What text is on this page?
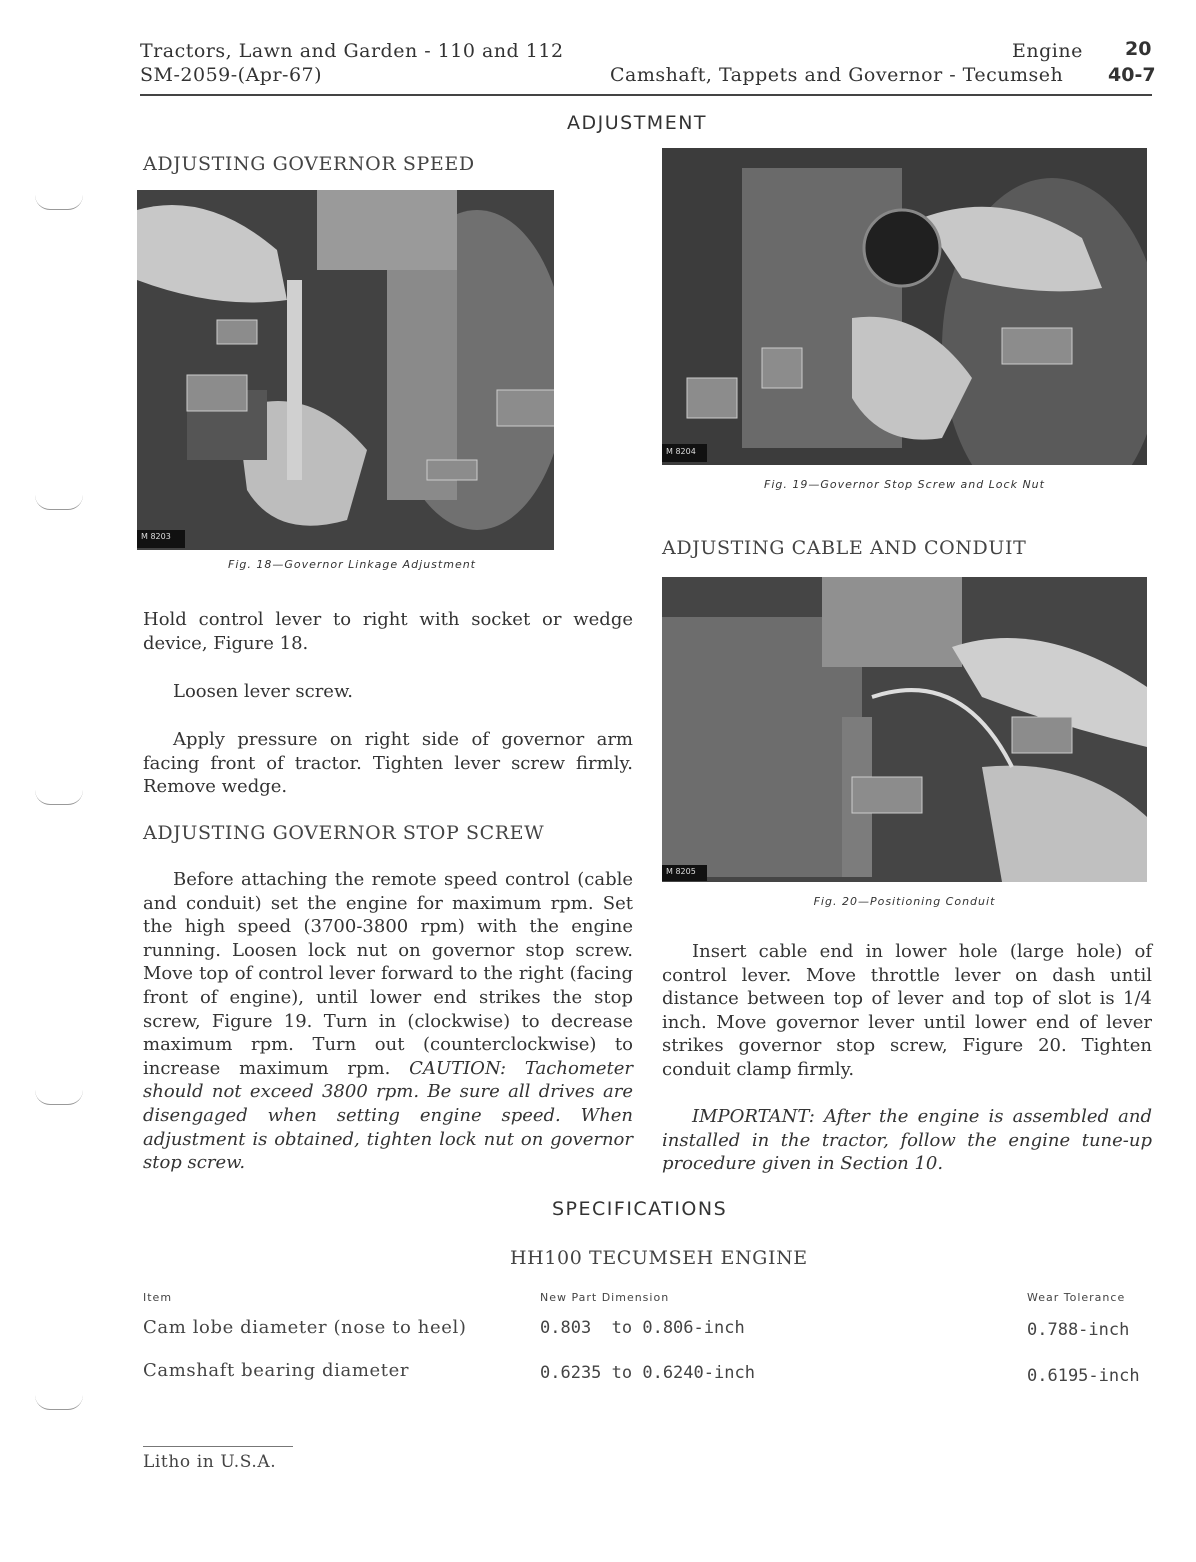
Tractors, Lawn and Garden - 110 and 112
SM-2059-(Apr-67)
Engine 20
Camshaft, Tappets and Governor - Tecumseh 40-7
ADJUSTMENT
ADJUSTING GOVERNOR SPEED
M 8203
Fig. 18—Governor Linkage Adjustment

Hold control lever to right with socket or wedge device, Figure 18.

Loosen lever screw.

Apply pressure on right side of governor arm facing front of tractor. Tighten lever screw firmly. Remove wedge.

ADJUSTING GOVERNOR STOP SCREW

Before attaching the remote speed control (cable and conduit) set the engine for maximum rpm. Set the high speed (3700-3800 rpm) with the engine running. Loosen lock nut on governor stop screw. Move top of control lever forward to the right (facing front of engine), until lower end strikes the stop screw, Figure 19. Turn in (clockwise) to decrease maximum rpm. Turn out (counterclockwise) to increase maximum rpm. CAUTION: Tachometer should not exceed 3800 rpm. Be sure all drives are disengaged when setting engine speed. When adjustment is obtained, tighten lock nut on governor stop screw.

M 8204
Fig. 19—Governor Stop Screw and Lock Nut
ADJUSTING CABLE AND CONDUIT
M 8205
Fig. 20—Positioning Conduit

Insert cable end in lower hole (large hole) of control lever. Move throttle lever on dash until distance between top of lever and top of slot is 1/4 inch. Move governor lever until lower end of lever strikes governor stop screw, Figure 20. Tighten conduit clamp firmly.

IMPORTANT: After the engine is assembled and installed in the tractor, follow the engine tune-up procedure given in Section 10.

SPECIFICATIONS
HH100 TECUMSEH ENGINE
Item	New Part Dimension	Wear Tolerance
Cam lobe diameter (nose to heel)	0.803  to 0.806-inch	0.788-inch
Camshaft bearing diameter	0.6235 to 0.6240-inch	0.6195-inch
Litho in U.S.A.
